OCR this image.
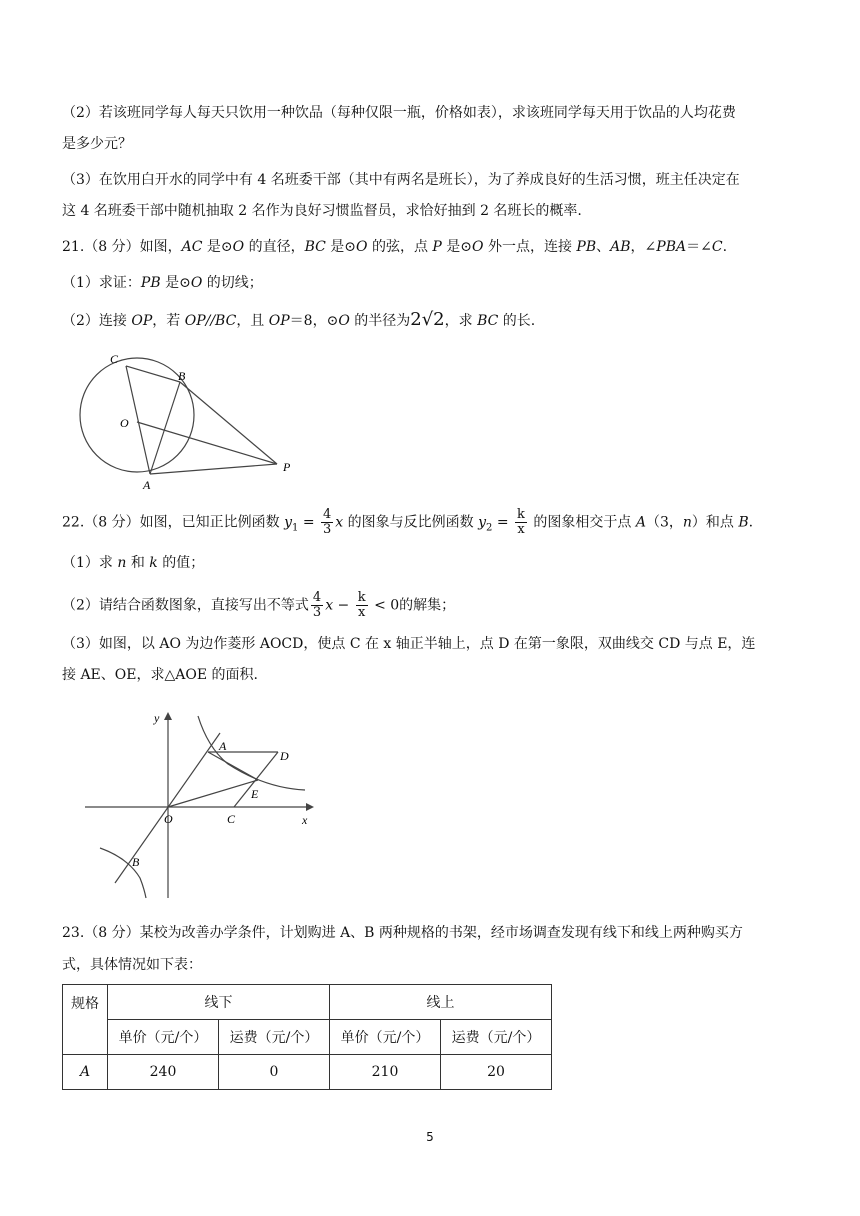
（2）若该班同学每人每天只饮用一种饮品（每种仅限一瓶，价格如表），求该班同学每天用于饮品的人均花费
是多少元？
（3）在饮用白开水的同学中有 4 名班委干部（其中有两名是班长），为了养成良好的生活习惯，班主任决定在
这 4 名班委干部中随机抽取 2 名作为良好习惯监督员，求恰好抽到 2 名班长的概率.
21.（8 分）如图，AC 是⊙O 的直径，BC 是⊙O 的弦，点 P 是⊙O 外一点，连接 PB、AB，∠PBA＝∠C.
（1）求证：PB 是⊙O 的切线；
（2）连接 OP，若 OP//BC，且 OP＝8，⊙O 的半径为2√2，求 BC 的长.
C
B
O
A
P
22.（8 分）如图，已知正比例函数 $y_1 = \frac{4}{3}$ x 的图象与反比例函数 $y_2 = \frac{k}{x}$ 的图象相交于点 A（3，n）和点 B.
（1）求 n 和 k 的值；
（2）请结合函数图象，直接写出不等式 $\frac{4}{3}$ $x - \frac{k}{x} < 0$的解集；
（3）如图，以 AO 为边作菱形 AOCD，使点 C 在 x 轴正半轴上，点 D 在第一象限，双曲线交 CD 与点 E，连
接 AE、OE，求△AOE 的面积.
y
x
A
D
E
O	C
B
23.（8 分）某校为改善办学条件，计划购进 A、B 两种规格的书架，经市场调查发现有线下和线上两种购买方
式，具体情况如下表：
规格	线下		线上	
	单价（元/个）	运费（元/个）	单价（元/个）	运费（元/个）
A	240	0	210	20
5
